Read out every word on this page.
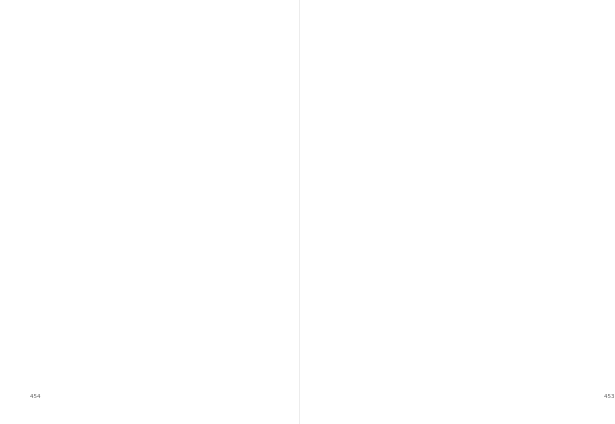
454	453
